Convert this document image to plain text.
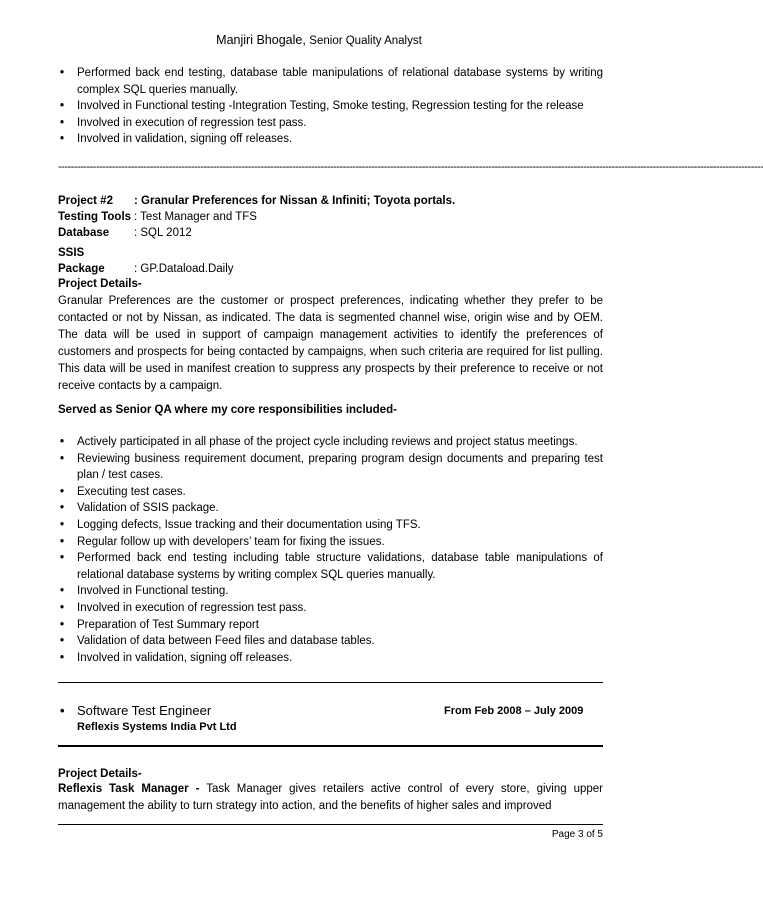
Manjiri Bhogale, Senior Quality Analyst
• Performed back end testing, database table manipulations of relational database systems by writing complex SQL queries manually.
• Involved in Functional testing -Integration Testing, Smoke testing, Regression testing for the release
• Involved in execution of regression test pass.
• Involved in validation, signing off releases.
-------------------------------------------------------------------------------------------------------------------------------------------------------------------------------------------------------------------------------
Project #2 : Granular Preferences for Nissan & Infiniti; Toyota portals.
Testing Tools : Test Manager and TFS
Database : SQL 2012
SSIS Package	: GP.Dataload.Daily
Project Details-
Granular Preferences are the customer or prospect preferences, indicating whether they prefer to be contacted or not by Nissan, as indicated. The data is segmented channel wise, origin wise and by OEM. The data will be used in support of campaign management activities to identify the preferences of customers and prospects for being contacted by campaigns, when such criteria are required for list pulling. This data will be used in manifest creation to suppress any prospects by their preference to receive or not receive contacts by a campaign.
Served as Senior QA where my core responsibilities included-
• Actively participated in all phase of the project cycle including reviews and project status meetings.
• Reviewing business requirement document, preparing program design documents and preparing test plan / test cases.
• Executing test cases.
• Validation of SSIS package.
• Logging defects, Issue tracking and their documentation using TFS.
• Regular follow up with developers’ team for fixing the issues.
• Performed back end testing including table structure validations, database table manipulations of relational database systems by writing complex SQL queries manually.
• Involved in Functional testing.
• Involved in execution of regression test pass.
• Preparation of Test Summary report
• Validation of data between Feed files and database tables.
• Involved in validation, signing off releases.
• Software Test Engineer	From Feb 2008 – July 2009
Reflexis Systems India Pvt Ltd
Project Details-
Reflexis Task Manager - Task Manager gives retailers active control of every store, giving upper management the ability to turn strategy into action, and the benefits of higher sales and improved
Page 3 of 5
